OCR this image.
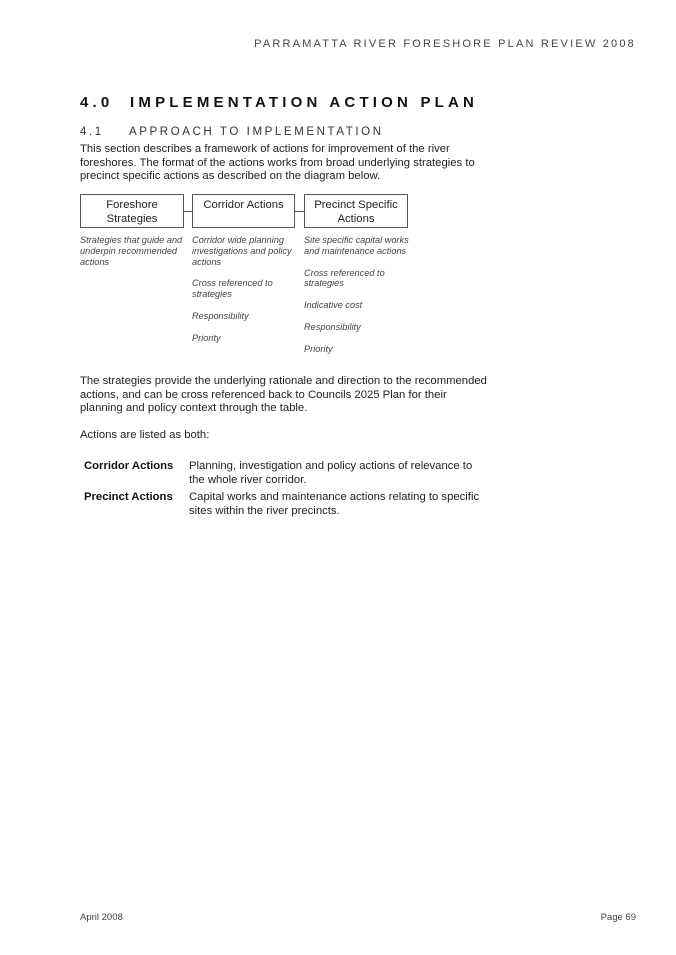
PARRAMATTA RIVER FORESHORE PLAN REVIEW 2008
4.0 IMPLEMENTATION ACTION PLAN
4.1 APPROACH TO IMPLEMENTATION

This section describes a framework of actions for improvement of the river foreshores. The format of the actions works from broad underlying strategies to precinct specific actions as described on the diagram below.

Foreshore Strategies
Corridor Actions	Precinct Specific Actions
Strategies that guide and underpin recommended actions
Corridor wide planning investigations and policy actions
Cross referenced to strategies
Responsibility
Priority
Site specific capital works and maintenance actions
Cross referenced to strategies
Indicative cost
Responsibility
Priority

The strategies provide the underlying rationale and direction to the recommended actions, and can be cross referenced back to Councils 2025 Plan for their planning and policy context through the table.

Actions are listed as both:

Corridor Actions	Planning, investigation and policy actions of relevance to the whole river corridor.
Precinct Actions	Capital works and maintenance actions relating to specific sites within the river precincts.
April 2008	Page 69
